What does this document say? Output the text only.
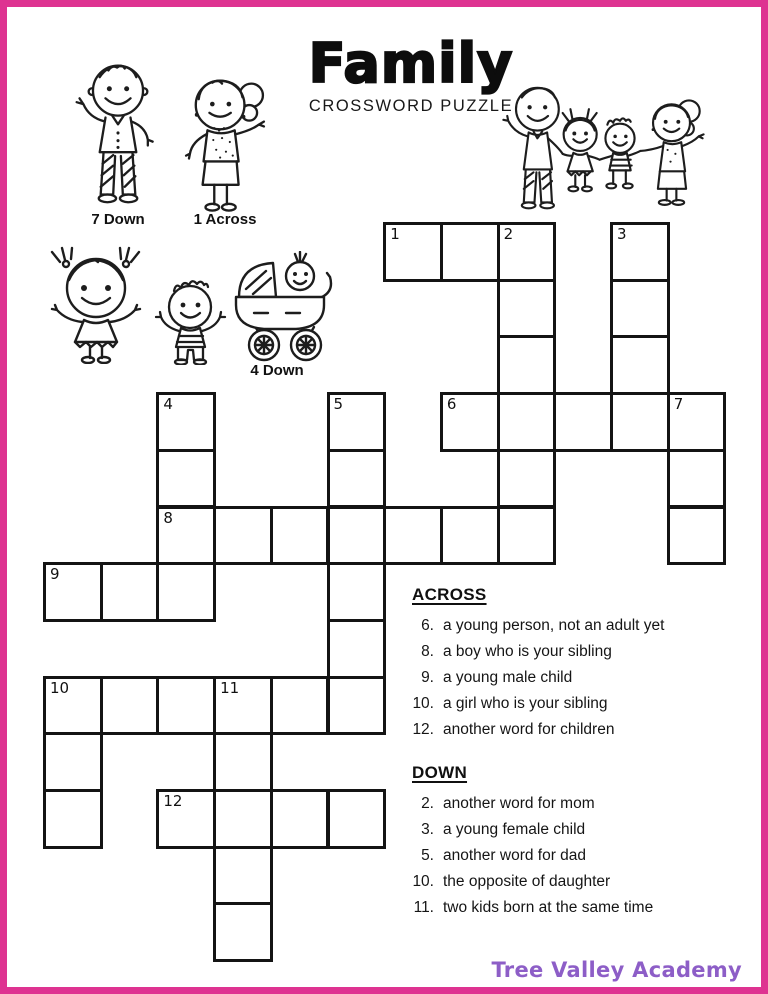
Family
CROSSWORD PUZZLE
7 Down	1 Across
4 Down
1	2	3
4	5	6	7
8
9
10	11
12
ACROSS
6. a young person, not an adult yet
8. a boy who is your sibling
9. a young male child
10. a girl who is your sibling
12. another word for children
DOWN
2. another word for mom
3. a young female child
5. another word for dad
10. the opposite of daughter
11. two kids born at the same time
Tree Valley Academy
